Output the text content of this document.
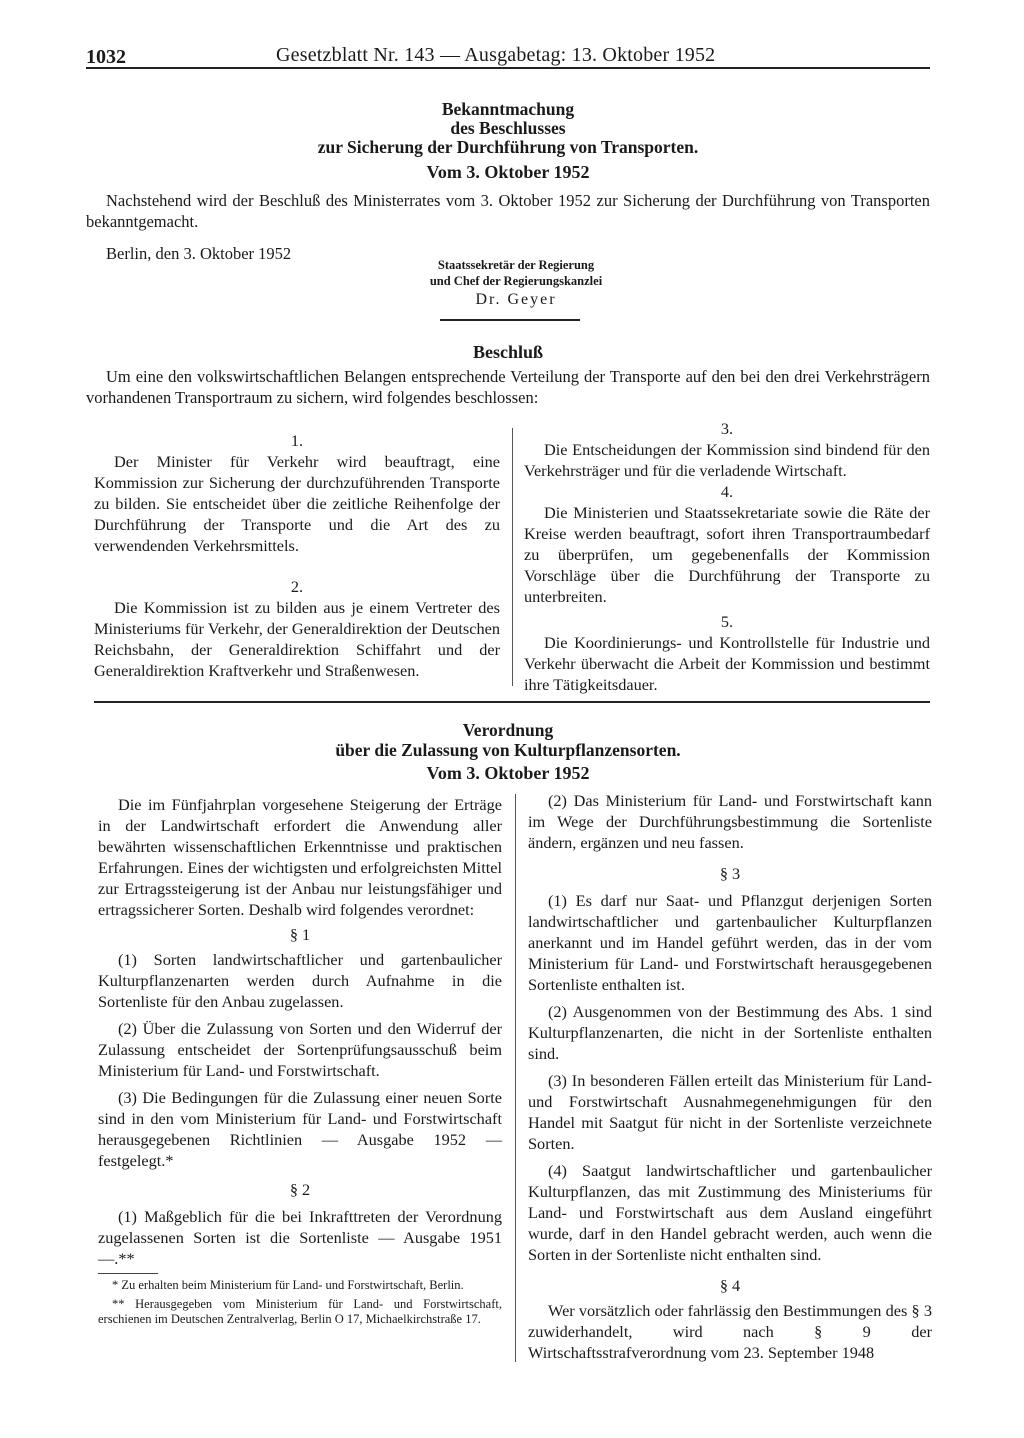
1032	Gesetzblatt Nr. 143 — Ausgabetag: 13. Oktober 1952
Bekanntmachung
des Beschlusses
zur Sicherung der Durchführung von Transporten.
Vom 3. Oktober 1952
Nachstehend wird der Beschluß des Ministerrates vom 3. Oktober 1952 zur Sicherung der Durchführung von Transporten bekanntgemacht.
Berlin, den 3. Oktober 1952
Staatssekretär der Regierung
und Chef der Regierungskanzlei
Dr. Geyer
Beschluß
Um eine den volkswirtschaftlichen Belangen entsprechende Verteilung der Transporte auf den bei den drei Verkehrsträgern vorhandenen Transportraum zu sichern, wird folgendes beschlossen:

1.

Der Minister für Verkehr wird beauftragt, eine Kommission zur Sicherung der durchzuführenden Transporte zu bilden. Sie entscheidet über die zeitliche Reihenfolge der Durchführung der Transporte und die Art des zu verwendenden Verkehrsmittels.

2.

Die Kommission ist zu bilden aus je einem Vertreter des Ministeriums für Verkehr, der Generaldirektion der Deutschen Reichsbahn, der Generaldirektion Schiffahrt und der Generaldirektion Kraftverkehr und Straßenwesen.

3.

Die Entscheidungen der Kommission sind bindend für den Verkehrsträger und für die verladende Wirtschaft.

4.

Die Ministerien und Staatssekretariate sowie die Räte der Kreise werden beauftragt, sofort ihren Transportraumbedarf zu überprüfen, um gegebenenfalls der Kommission Vorschläge über die Durchführung der Transporte zu unterbreiten.

5.

Die Koordinierungs- und Kontrollstelle für Industrie und Verkehr überwacht die Arbeit der Kommission und bestimmt ihre Tätigkeitsdauer.

Verordnung
über die Zulassung von Kulturpflanzensorten.
Vom 3. Oktober 1952

Die im Fünfjahrplan vorgesehene Steigerung der Erträge in der Landwirtschaft erfordert die Anwendung aller bewährten wissenschaftlichen Erkenntnisse und praktischen Erfahrungen. Eines der wichtigsten und erfolgreichsten Mittel zur Ertragssteigerung ist der Anbau nur leistungsfähiger und ertragssicherer Sorten. Deshalb wird folgendes verordnet:

§ 1

(1) Sorten landwirtschaftlicher und gartenbaulicher Kulturpflanzenarten werden durch Aufnahme in die Sortenliste für den Anbau zugelassen.

(2) Über die Zulassung von Sorten und den Widerruf der Zulassung entscheidet der Sortenprüfungsausschuß beim Ministerium für Land- und Forstwirtschaft.

(3) Die Bedingungen für die Zulassung einer neuen Sorte sind in den vom Ministerium für Land- und Forstwirtschaft herausgegebenen Richtlinien — Ausgabe 1952 — festgelegt.*

§ 2

(1) Maßgeblich für die bei Inkrafttreten der Verordnung zugelassenen Sorten ist die Sortenliste — Ausgabe 1951 —.**

* Zu erhalten beim Ministerium für Land- und Forstwirtschaft, Berlin.

** Herausgegeben vom Ministerium für Land- und Forstwirtschaft, erschienen im Deutschen Zentralverlag, Berlin O 17, Michaelkirchstraße 17.

(2) Das Ministerium für Land- und Forstwirtschaft kann im Wege der Durchführungsbestimmung die Sortenliste ändern, ergänzen und neu fassen.

§ 3

(1) Es darf nur Saat- und Pflanzgut derjenigen Sorten landwirtschaftlicher und gartenbaulicher Kulturpflanzen anerkannt und im Handel geführt werden, das in der vom Ministerium für Land- und Forstwirtschaft herausgegebenen Sortenliste enthalten ist.

(2) Ausgenommen von der Bestimmung des Abs. 1 sind Kulturpflanzenarten, die nicht in der Sortenliste enthalten sind.

(3) In besonderen Fällen erteilt das Ministerium für Land- und Forstwirtschaft Ausnahmegenehmigungen für den Handel mit Saatgut für nicht in der Sortenliste verzeichnete Sorten.

(4) Saatgut landwirtschaftlicher und gartenbaulicher Kulturpflanzen, das mit Zustimmung des Ministeriums für Land- und Forstwirtschaft aus dem Ausland eingeführt wurde, darf in den Handel gebracht werden, auch wenn die Sorten in der Sortenliste nicht enthalten sind.

§ 4

Wer vorsätzlich oder fahrlässig den Bestimmungen des § 3 zuwiderhandelt, wird nach § 9 der Wirtschaftsstrafverordnung vom 23. September 1948
